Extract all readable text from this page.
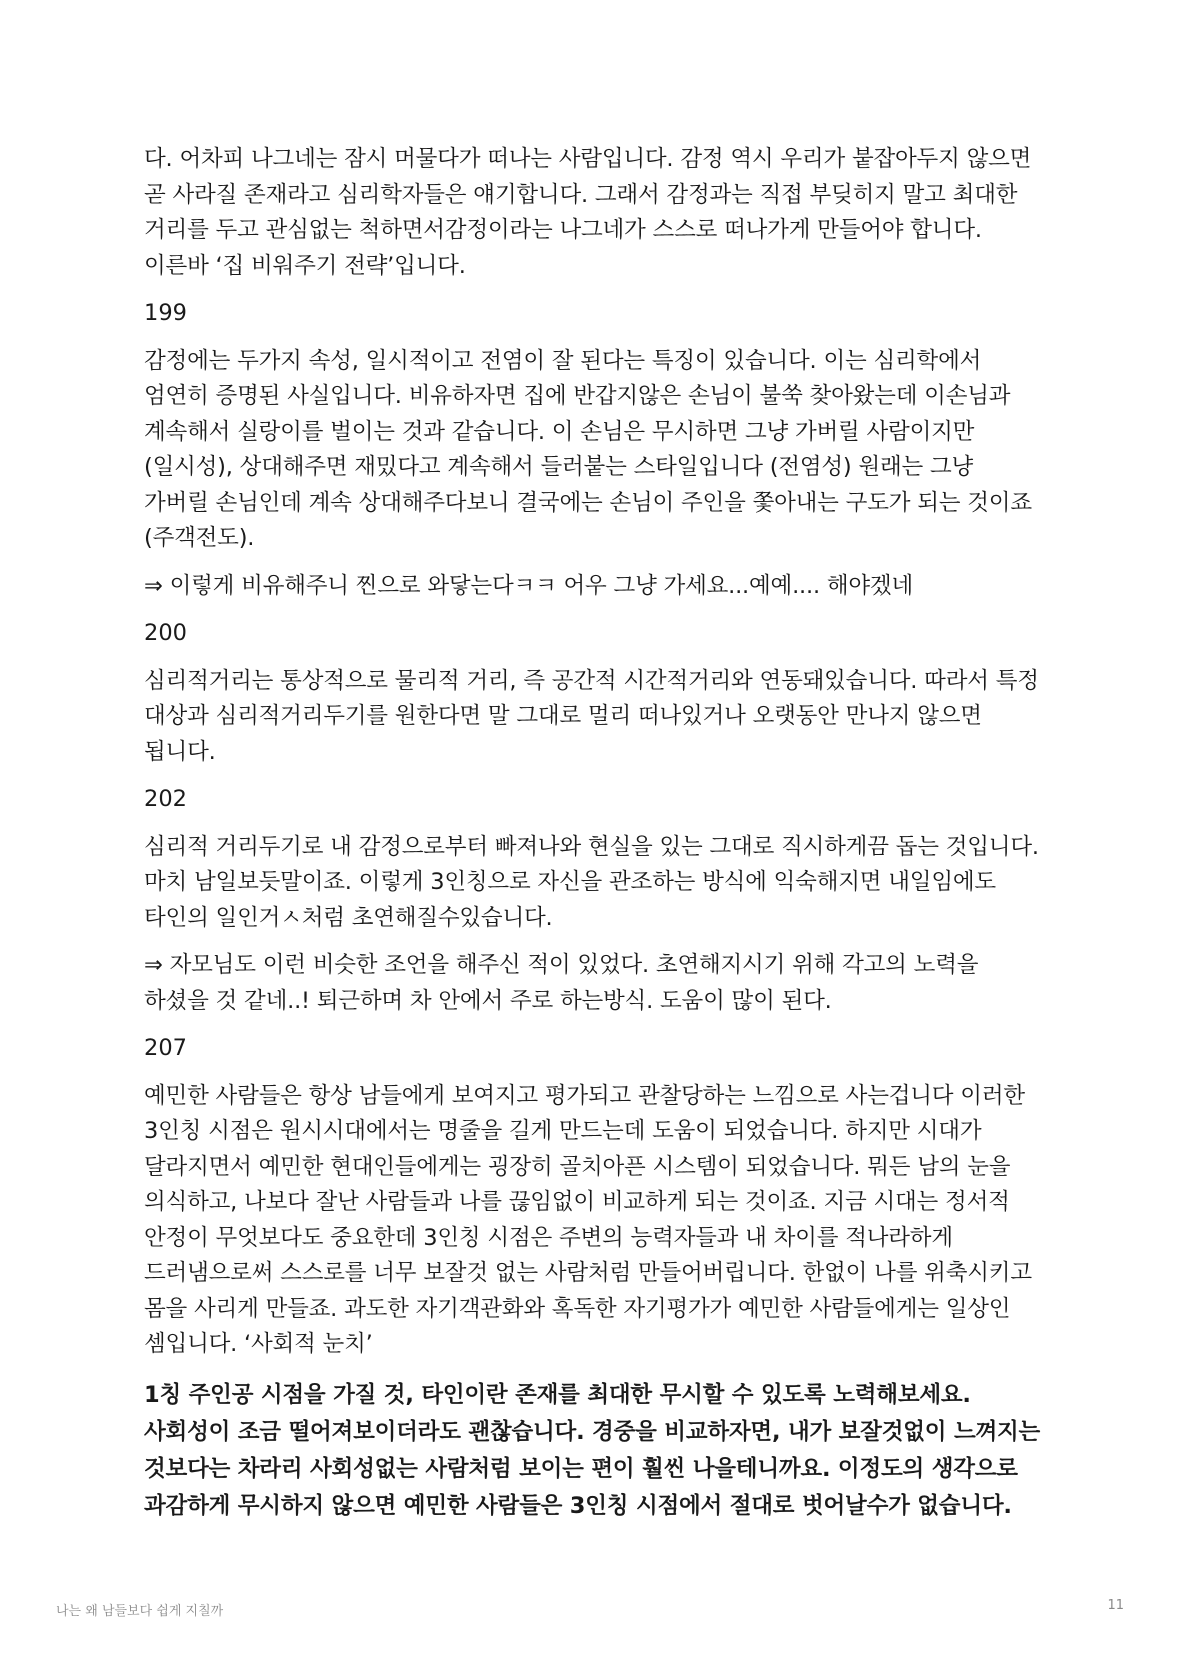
다. 어차피 나그네는 잠시 머물다가 떠나는 사람입니다. 감정 역시 우리가 붙잡아두지 않으면 곧 사라질 존재라고 심리학자들은 얘기합니다. 그래서 감정과는 직접 부딪히지 말고 최대한 거리를 두고 관심없는 척하면서감정이라는 나그네가 스스로 떠나가게 만들어야 합니다. 이른바 ‘집 비워주기 전략’입니다.

199

감정에는 두가지 속성, 일시적이고 전염이 잘 된다는 특징이 있습니다. 이는 심리학에서 엄연히 증명된 사실입니다. 비유하자면 집에 반갑지않은 손님이 불쑥 찾아왔는데 이손님과 계속해서 실랑이를 벌이는 것과 같습니다. 이 손님은 무시하면 그냥 가버릴 사람이지만 (일시성), 상대해주면 재밌다고 계속해서 들러붙는 스타일입니다 (전염성) 원래는 그냥 가버릴 손님인데 계속 상대해주다보니 결국에는 손님이 주인을 쫓아내는 구도가 되는 것이죠(주객전도).

⇒ 이렇게 비유해주니 찐으로 와닿는다ㅋㅋ 어우 그냥 가세요...예예.... 해야겠네

200

심리적거리는 통상적으로 물리적 거리, 즉 공간적 시간적거리와 연동돼있습니다. 따라서 특정 대상과 심리적거리두기를 원한다면 말 그대로 멀리 떠나있거나 오랫동안 만나지 않으면 됩니다.

202

심리적 거리두기로 내 감정으로부터 빠져나와 현실을 있는 그대로 직시하게끔 돕는 것입니다. 마치 남일보듯말이죠. 이렇게 3인칭으로 자신을 관조하는 방식에 익숙해지면 내일임에도 타인의 일인거ㅅ처럼 초연해질수있습니다.

⇒ 자모님도 이런 비슷한 조언을 해주신 적이 있었다. 초연해지시기 위해 각고의 노력을 하셨을 것 같네..! 퇴근하며 차 안에서 주로 하는방식. 도움이 많이 된다.

207

예민한 사람들은 항상 남들에게 보여지고 평가되고 관찰당하는 느낌으로 사는겁니다 이러한 3인칭 시점은 원시시대에서는 명줄을 길게 만드는데 도움이 되었습니다. 하지만 시대가 달라지면서 예민한 현대인들에게는 굉장히 골치아픈 시스템이 되었습니다. 뭐든 남의 눈을 의식하고, 나보다 잘난 사람들과 나를 끊임없이 비교하게 되는 것이죠. 지금 시대는 정서적 안정이 무엇보다도 중요한데 3인칭 시점은 주변의 능력자들과 내 차이를 적나라하게 드러냄으로써 스스로를 너무 보잘것 없는 사람처럼 만들어버립니다. 한없이 나를 위축시키고 몸을 사리게 만들죠. 과도한 자기객관화와 혹독한 자기평가가 예민한 사람들에게는 일상인 셈입니다. ‘사회적 눈치’

1칭 주인공 시점을 가질 것, 타인이란 존재를 최대한 무시할 수 있도록 노력해보세요. 사회성이 조금 떨어져보이더라도 괜찮습니다. 경중을 비교하자면, 내가 보잘것없이 느껴지는 것보다는 차라리 사회성없는 사람처럼 보이는 편이 훨씬 나을테니까요. 이정도의 생각으로 과감하게 무시하지 않으면 예민한 사람들은 3인칭 시점에서 절대로 벗어날수가 없습니다.

나는 왜 남들보다 쉽게 지칠까	11
